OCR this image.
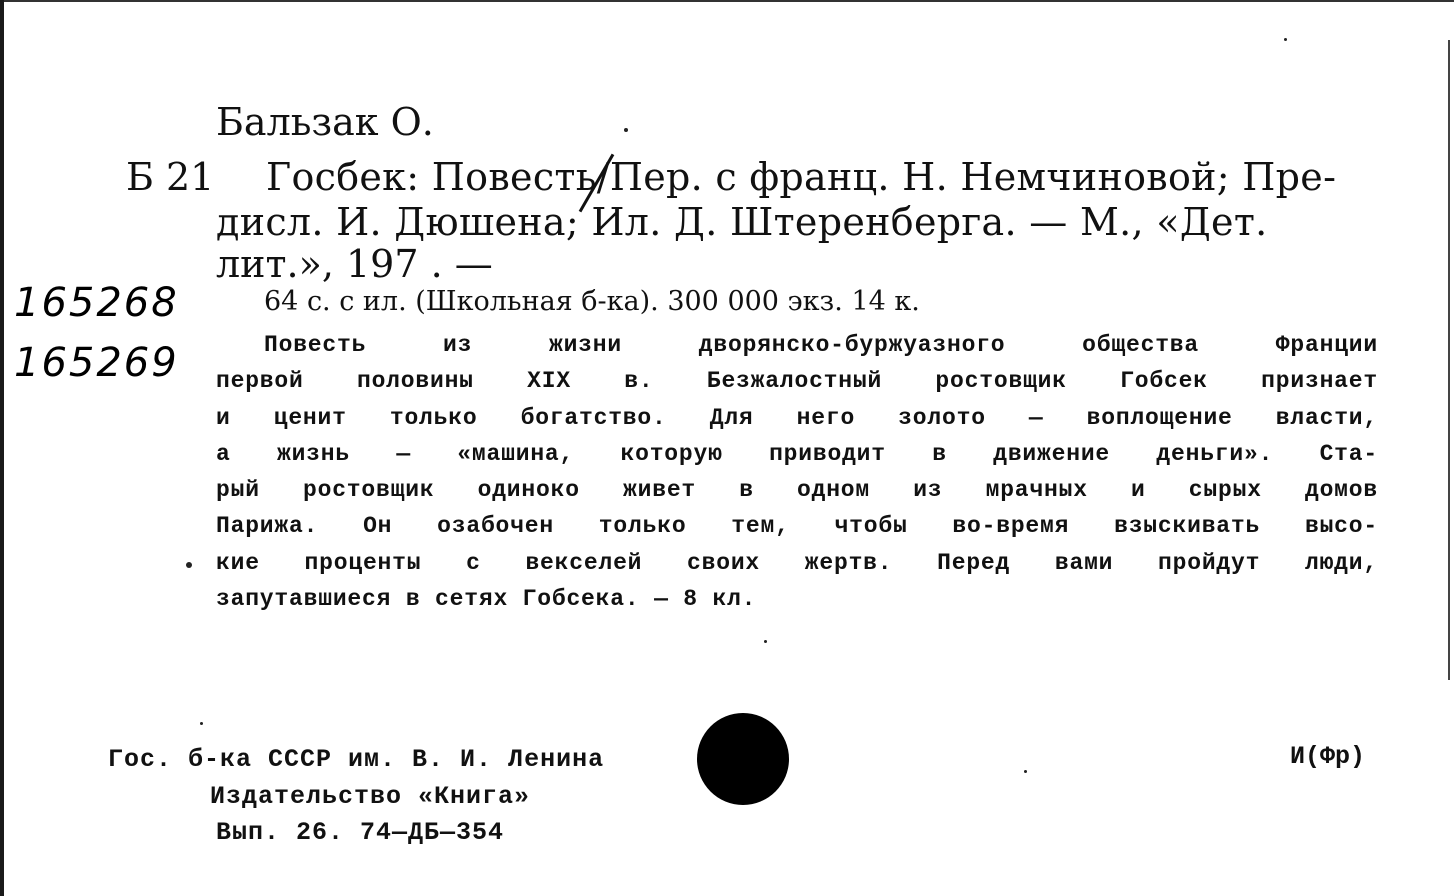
Бальзак О.
Б 21 Госбек: Повесть/Пер. с франц. Н. Немчиновой; Пре-
дисл. И. Дюшена; Ил. Д. Штеренберга. — М., «Дет.
лит.», 197 . —
64 с. с ил. (Школьная б-ка). 300 000 экз. 14 к.
165268
165269	Повесть из жизни дворянско-буржуазного общества Франции
первой половины XIX в. Безжалостный ростовщик Гобсек признает
и ценит только богатство. Для него золото — воплощение власти,
а жизнь — «машина, которую приводит в движение деньги». Ста-
рый ростовщик одиноко живет в одном из мрачных и сырых домов
Парижа. Он озабочен только тем, чтобы во-время взыскивать высо-
кие проценты с векселей своих жертв. Перед вами пройдут люди,
запутавшиеся в сетях Гобсека. — 8 кл.
Гос. б-ка СССР им. В. И. Ленина
Издательство «Книга»
Вып. 26. 74—ДБ—354
И(Фр)
